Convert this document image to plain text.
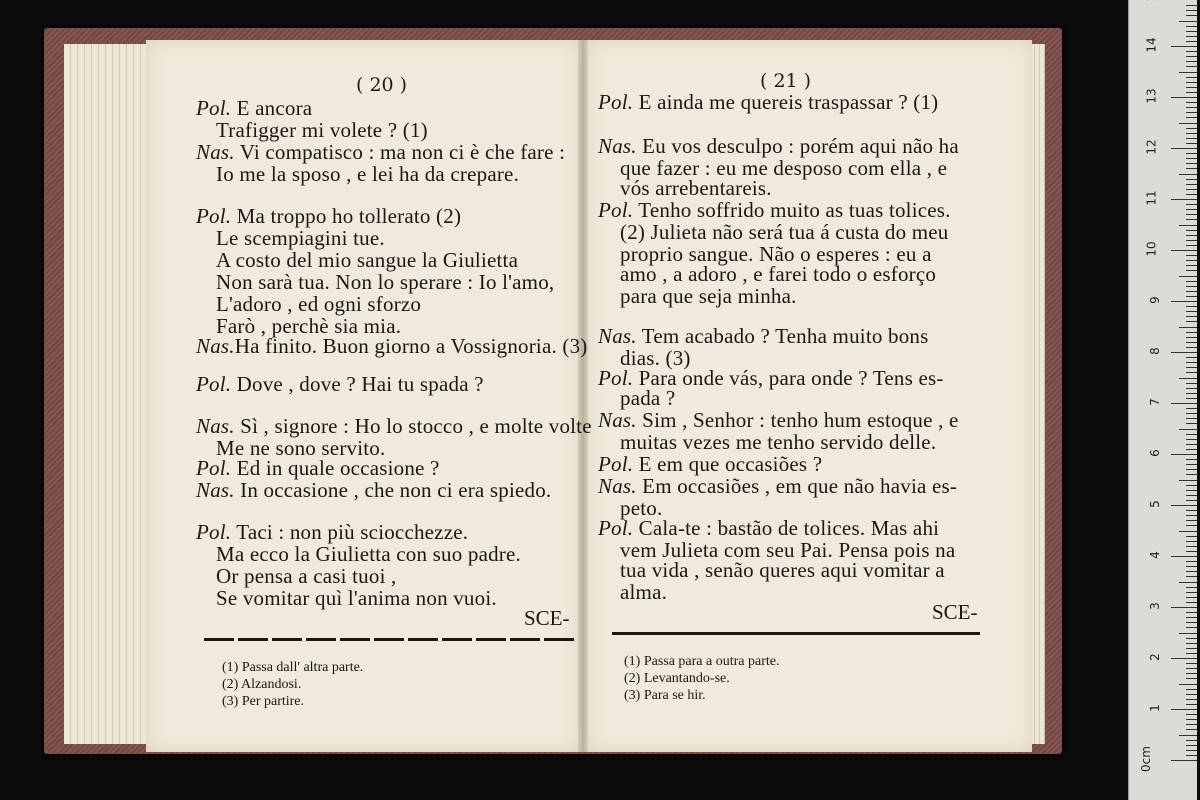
( 20 )
Pol. E ancora
Trafigger mi volete ? (1)
Nas. Vi compatisco : ma non ci è che fare :
Io me la sposo , e lei ha da crepare.
Pol. Ma troppo ho tollerato (2)
Le scempiagini tue.
A costo del mio sangue la Giulietta
Non sarà tua. Non lo sperare : Io l'amo,
L'adoro , ed ogni sforzo
Farò , perchè sia mia.
Nas.Ha finito. Buon giorno a Vossignoria. (3)
Pol. Dove , dove ? Hai tu spada ?
Nas. Sì , signore : Ho lo stocco , e molte volte
Me ne sono servito.
Pol. Ed in quale occasione ?
Nas. In occasione , che non ci era spiedo.
Pol. Taci : non più sciocchezze.
Ma ecco la Giulietta con suo padre.
Or pensa a casi tuoi ,
Se vomitar quì l'anima non vuoi.
SCE-
(1) Passa dall' altra parte.
(2) Alzandosi.
(3) Per partire.
( 21 )
Pol. E ainda me quereis traspassar ? (1)
Nas. Eu vos desculpo : porém aqui não ha
que fazer : eu me desposo com ella , e
vós arrebentareis.
Pol. Tenho soffrido muito as tuas tolices.
(2) Julieta não será tua á custa do meu
proprio sangue. Não o esperes : eu a
amo , a adoro , e farei todo o esforço
para que seja minha.
Nas. Tem acabado ? Tenha muito bons
dias. (3)
Pol. Para onde vás, para onde ? Tens es-
pada ?
Nas. Sim , Senhor : tenho hum estoque , e
muitas vezes me tenho servido delle.
Pol. E em que occasiões ?
Nas. Em occasiões , em que não havia es-
peto.
Pol. Cala-te : bastão de tolices. Mas ahi
vem Julieta com seu Pai. Pensa pois na
tua vida , senão queres aqui vomitar a
alma.
SCE-
(1) Passa para a outra parte.
(2) Levantando-se.
(3) Para se hir.
0cm
1
2
3
4
5
6
7
8
9
10
11
12
13
14
